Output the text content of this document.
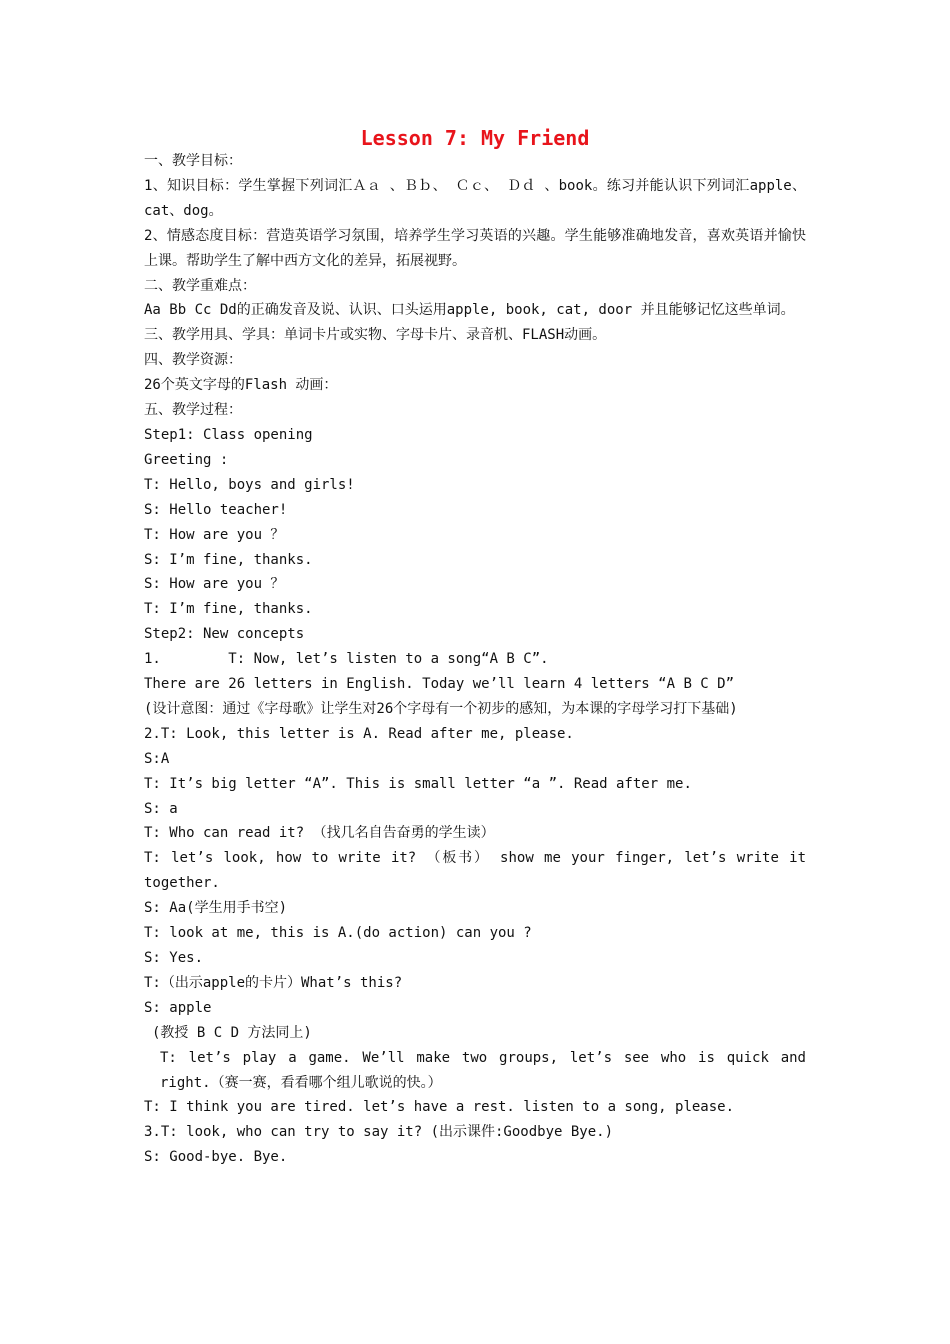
Lesson 7: My Friend

一、教学目标：

1、知识目标：学生掌握下列词汇Ａａ 、Ｂｂ、 Ｃｃ、 Ｄｄ 、book。练习并能认识下列词汇apple、cat、dog。

2、情感态度目标：营造英语学习氛围，培养学生学习英语的兴趣。学生能够准确地发音，喜欢英语并愉快上课。帮助学生了解中西方文化的差异，拓展视野。

二、教学重难点：

Aa Bb Cc Dd的正确发音及说、认识、口头运用apple, book, cat, door 并且能够记忆这些单词。

三、教学用具、学具：单词卡片或实物、字母卡片、录音机、FLASH动画。

四、教学资源：

26个英文字母的Flash 动画：

五、教学过程：

Step1: Class opening

Greeting :

T: Hello, boys and girls!

S: Hello teacher!

T: How are you ？

S: I’m fine, thanks.

S: How are you ？

T: I’m fine, thanks.

Step2: New concepts

1.        T: Now, let’s listen to a song“A B C”.

There are 26 letters in English. Today we’ll learn 4 letters “A B C D”

(设计意图：通过《字母歌》让学生对26个字母有一个初步的感知，为本课的字母学习打下基础)

2.T: Look, this letter is A. Read after me, please.

S:A

T: It’s big letter “A”. This is small letter “a ”. Read after me.

S: a

T: Who can read it? （找几名自告奋勇的学生读）

T: let’s look, how to write it? （板书） show me your finger, let’s write it together.

S: Aa(学生用手书空)

T: look at me, this is A.(do action) can you ?

S: Yes.

T:（出示apple的卡片）What’s this?

S: apple

(教授 B C D 方法同上)

T: let’s play a game. We’ll make two groups, let’s see who is quick and right.（赛一赛，看看哪个组儿歌说的快。）

T: I think you are tired. let’s have a rest. listen to a song, please.

3.T: look, who can try to say it? (出示课件:Goodbye Bye.)

S: Good-bye. Bye.
